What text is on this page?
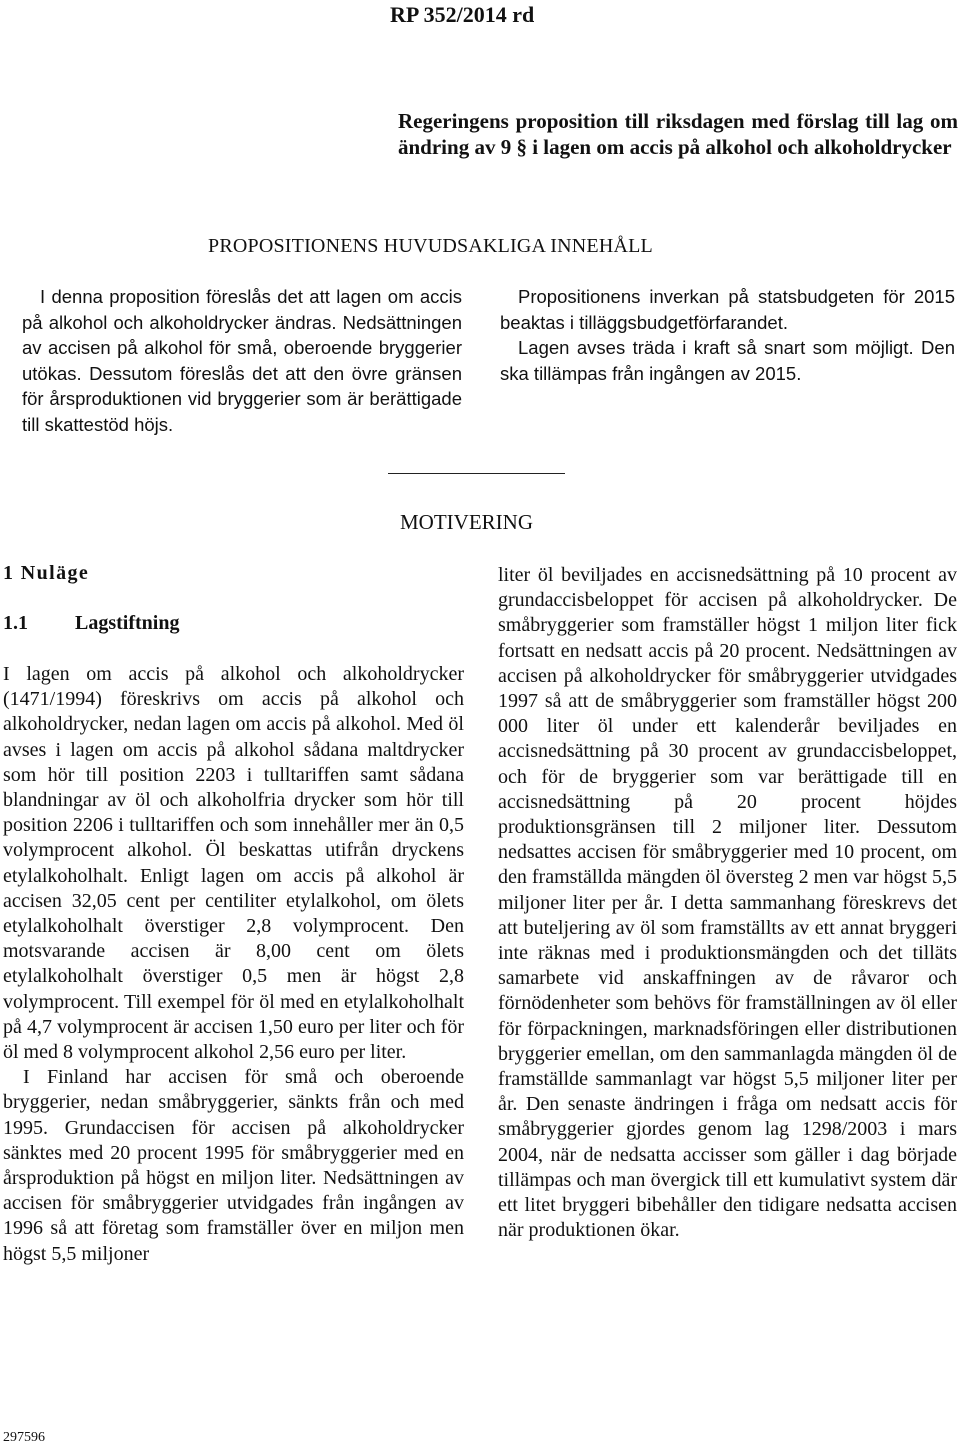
RP 352/2014 rd
Regeringens proposition till riksdagen med förslag till lag om ändring av 9 § i lagen om accis på alkohol och alkoholdrycker
PROPOSITIONENS HUVUDSAKLIGA INNEHÅLL

I denna proposition föreslås det att lagen om accis på alkohol och alkoholdrycker ändras. Nedsättningen av accisen på alkohol för små, oberoende bryggerier utökas. Dessutom föreslås det att den övre gränsen för årsproduktionen vid bryggerier som är berättigade till skattestöd höjs.

Propositionens inverkan på statsbudgeten för 2015 beaktas i tilläggsbudgetförfarandet.

Lagen avses träda i kraft så snart som möjligt. Den ska tillämpas från ingången av 2015.

MOTIVERING
1 Nuläge
1.1 Lagstiftning

I lagen om accis på alkohol och alkoholdrycker (1471/1994) föreskrivs om accis på alkohol och alkoholdrycker, nedan lagen om accis på alkohol. Med öl avses i lagen om accis på alkohol sådana maltdrycker som hör till position 2203 i tulltariffen samt sådana blandningar av öl och alkoholfria drycker som hör till position 2206 i tulltariffen och som innehåller mer än 0,5 volymprocent alkohol. Öl beskattas utifrån dryckens etylalkoholhalt. Enligt lagen om accis på alkohol är accisen 32,05 cent per centiliter etylalkohol, om ölets etylalkoholhalt överstiger 2,8 volymprocent. Den motsvarande accisen är 8,00 cent om ölets etylalkoholhalt överstiger 0,5 men är högst 2,8 volymprocent. Till exempel för öl med en etylalkoholhalt på 4,7 volymprocent är accisen 1,50 euro per liter och för öl med 8 volymprocent alkohol 2,56 euro per liter.

I Finland har accisen för små och oberoende bryggerier, nedan småbryggerier, sänkts från och med 1995. Grundaccisen för accisen på alkoholdrycker sänktes med 20 procent 1995 för småbryggerier med en årsproduktion på högst en miljon liter. Nedsättningen av accisen för småbryggerier utvidgades från ingången av 1996 så att företag som framställer över en miljon men högst 5,5 miljoner

liter öl beviljades en accisnedsättning på 10 procent av grundaccisbeloppet för accisen på alkoholdrycker. De småbryggerier som framställer högst 1 miljon liter fick fortsatt en nedsatt accis på 20 procent. Nedsättningen av accisen på alkoholdrycker för småbryggerier utvidgades 1997 så att de småbryggerier som framställer högst 200 000 liter öl under ett kalenderår beviljades en accisnedsättning på 30 procent av grundaccisbeloppet, och för de bryggerier som var berättigade till en accisnedsättning på 20 procent höjdes produktionsgränsen till 2 miljoner liter. Dessutom nedsattes accisen för småbryggerier med 10 procent, om den framställda mängden öl översteg 2 men var högst 5,5 miljoner liter per år. I detta sammanhang föreskrevs det att buteljering av öl som framställts av ett annat bryggeri inte räknas med i produktionsmängden och det tilläts samarbete vid anskaffningen av de råvaror och förnödenheter som behövs för framställningen av öl eller för förpackningen, marknadsföringen eller distributionen bryggerier emellan, om den sammanlagda mängden öl de framställde sammanlagt var högst 5,5 miljoner liter per år. Den senaste ändringen i fråga om nedsatt accis för småbryggerier gjordes genom lag 1298/2003 i mars 2004, när de nedsatta accisser som gäller i dag började tillämpas och man övergick till ett kumulativt system där ett litet bryggeri bibehåller den tidigare nedsatta accisen när produktionen ökar.

297596
